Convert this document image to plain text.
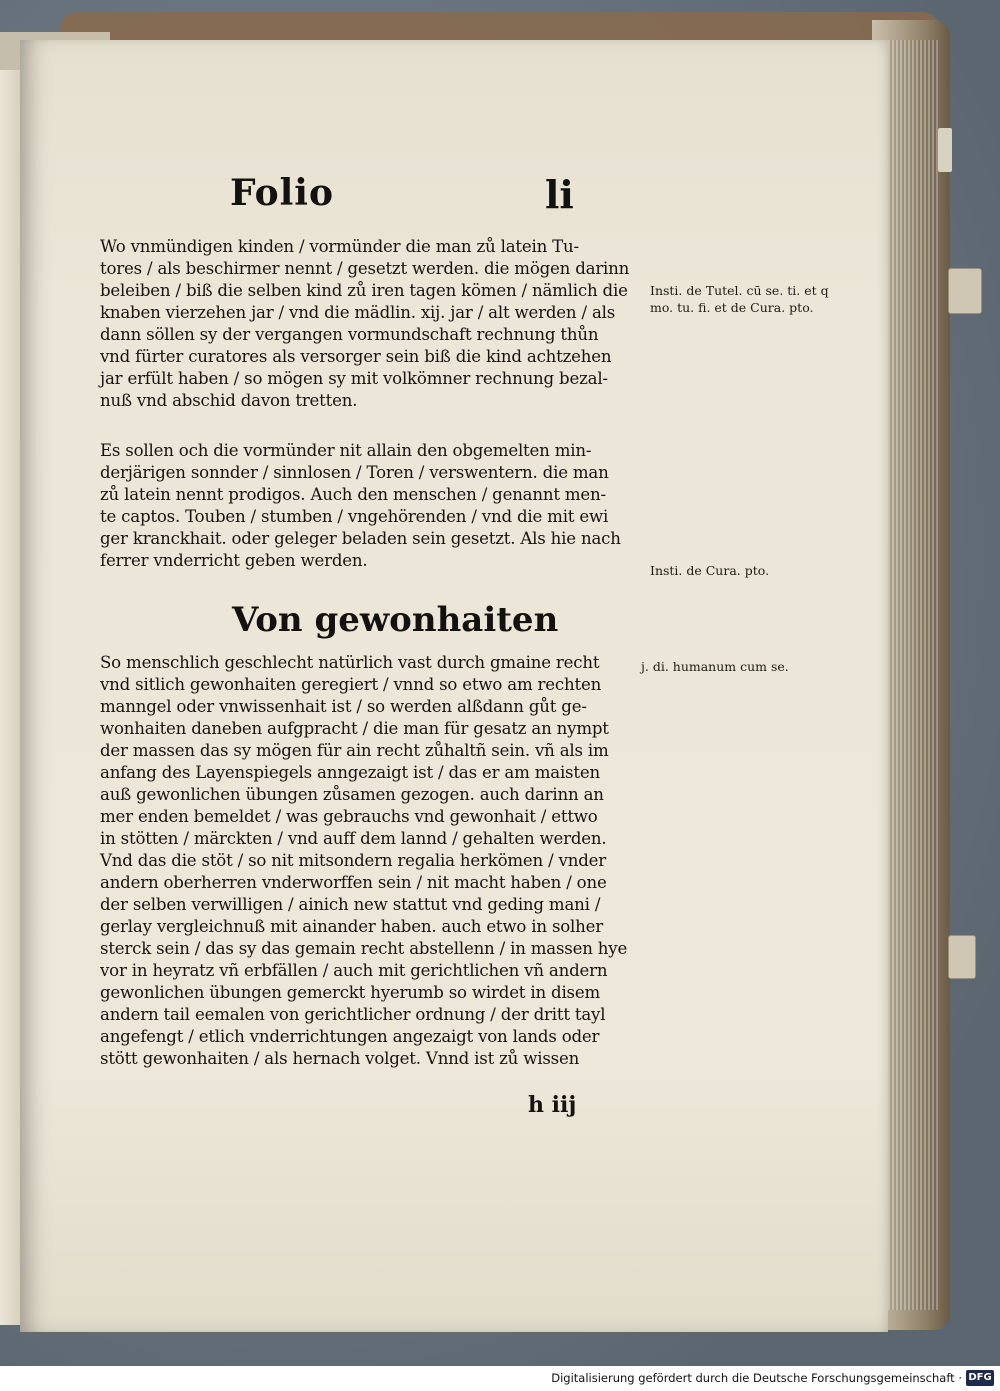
Folio	li
Wo vnmündigen kinden / vormünder die man zů latein Tu-
tores / als beschirmer nennt / gesetzt werden. die mögen darinn
beleiben / biß die selben kind zů iren tagen kömen / nämlich die
knaben vierzehen jar / vnd die mädlin. xij. jar / alt werden / als
dann söllen sy der vergangen vormundschaft rechnung thůn
vnd fürter curatores als versorger sein biß die kind achtzehen
jar erfült haben / so mögen sy mit volkömner rechnung bezal-
nuß vnd abschid davon tretten.
Insti. de Tutel. cū se. ti. et q
mo. tu. fi. et de Cura. pto.
Es sollen och die vormünder nit allain den obgemelten min-
derjärigen sonnder / sinnlosen / Toren / verswentern. die man
zů latein nennt prodigos. Auch den menschen / genannt men-
te captos. Touben / stumben / vngehörenden / vnd die mit ewi
ger kranckhait. oder geleger beladen sein gesetzt. Als hie nach
ferrer vnderricht geben werden.
Insti. de Cura. pto.
Von gewonhaiten
j. di. humanum cum se.
So menschlich geschlecht natürlich vast durch gmaine recht
vnd sitlich gewonhaiten geregiert / vnnd so etwo am rechten
manngel oder vnwissenhait ist / so werden alßdann gůt ge-
wonhaiten daneben aufgpracht / die man für gesatz an nympt
der massen das sy mögen für ain recht zůhaltñ sein. vñ als im
anfang des Layenspiegels anngezaigt ist / das er am maisten
auß gewonlichen übungen zůsamen gezogen. auch darinn an
mer enden bemeldet / was gebrauchs vnd gewonhait / ettwo
in stötten / märckten / vnd auff dem lannd / gehalten werden.
Vnd das die stöt / so nit mitsondern regalia herkömen / vnder
andern oberherren vnderworffen sein / nit macht haben / one
der selben verwilligen / ainich new stattut vnd geding mani /
gerlay vergleichnuß mit ainander haben. auch etwo in solher
sterck sein / das sy das gemain recht abstellenn / in massen hye
vor in heyratz vñ erbfällen / auch mit gerichtlichen vñ andern
gewonlichen übungen gemerckt hyerumb so wirdet in disem
andern tail eemalen von gerichtlicher ordnung / der dritt tayl
angefengt / etlich vnderrichtungen angezaigt von lands oder
stött gewonhaiten / als hernach volget. Vnnd ist zů wissen
h iij
Digitalisierung gefördert durch die Deutsche Forschungsgemeinschaft · DFG
